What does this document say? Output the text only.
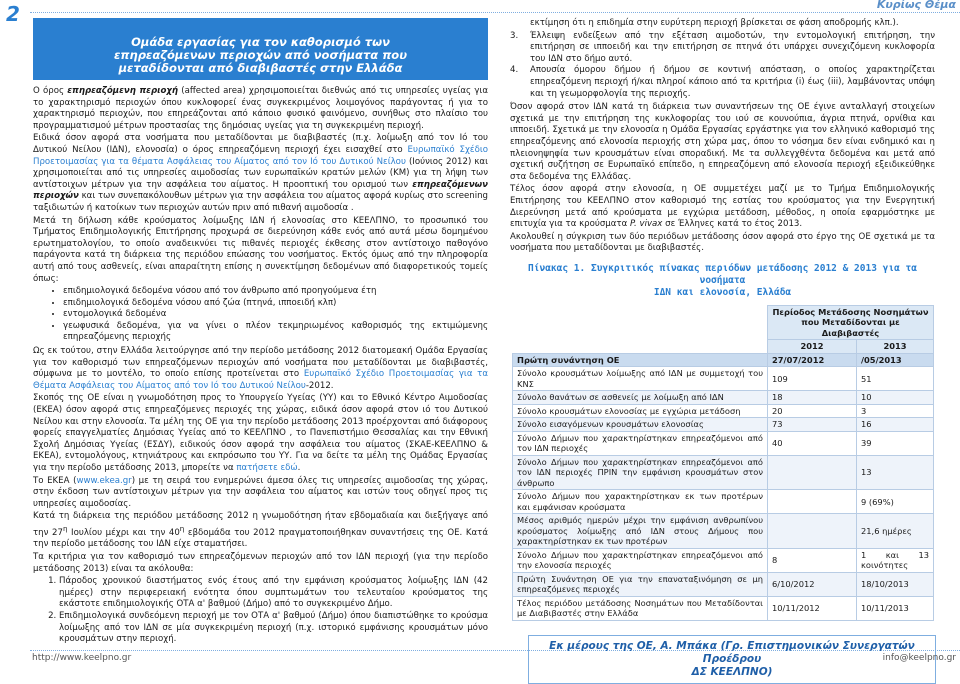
2	Κυρίως Θέμα
Ομάδα εργασίας για τον καθορισμό των
επηρεαζόμενων περιοχών από νοσήματα που
μεταδίδονται από διαβιβαστές στην Ελλάδα

Ο όρος επηρεαζόμενη περιοχή (affected area) χρησιμοποιείται διεθνώς από τις υπηρεσίες υγείας για το χαρακτηρισμό περιοχών όπου κυκλοφορεί ένας συγκεκριμένος λοιμογόνος παράγοντας ή για το χαρακτηρισμό περιοχών, που επηρεάζονται από κάποιο φυσικό φαινόμενο, συνήθως στο πλαίσιο του προγραμματισμού μέτρων προστασίας της δημόσιας υγείας για τη συγκεκριμένη περιοχή.

Ειδικά όσον αφορά στα νοσήματα που μεταδίδονται με διαβιβαστές (π.χ. λοίμωξη από τον Ιό του Δυτικού Νείλου (ΙΔΝ), ελονοσία) ο όρος επηρεαζόμενη περιοχή έχει εισαχθεί στο Ευρωπαϊκό Σχέδιο Προετοιμασίας για τα θέματα Ασφάλειας του Αίματος από τον Ιό του Δυτικού Νείλου (Ιούνιος 2012) και χρησιμοποιείται από τις υπηρεσίες αιμοδοσίας των ευρωπαϊκών κρατών μελών (ΚΜ) για τη λήψη των αντίστοιχων μέτρων για την ασφάλεια του αίματος. Η προοπτική του ορισμού των επηρεαζόμενων περιοχών και των συνεπακόλουθων μέτρων για την ασφάλεια του αίματος αφορά κυρίως στο screening ταξιδιωτών ή κατοίκων των περιοχών αυτών πριν από πιθανή αιμοδοσία .

Μετά τη δήλωση κάθε κρούσματος λοίμωξης ΙΔΝ ή ελονοσίας στο ΚΕΕΛΠΝΟ, το προσωπικό του Τμήματος Επιδημιολογικής Επιτήρησης προχωρά σε διερεύνηση κάθε ενός από αυτά μέσω δομημένου ερωτηματολογίου, το οποίο αναδεικνύει τις πιθανές περιοχές έκθεσης στον αντίστοιχο παθογόνο παράγοντα κατά τη διάρκεια της περιόδου επώασης του νοσήματος. Εκτός όμως από την πληροφορία αυτή από τους ασθενείς, είναι απαραίτητη επίσης η συνεκτίμηση δεδομένων από διαφορετικούς τομείς όπως:

• επιδημιολογικά δεδομένα νόσου από τον άνθρωπο από προηγούμενα έτη
• επιδημιολογικά δεδομένα νόσου από ζώα (πτηνά, ιπποειδή κλπ)
• εντομολογικά δεδομένα
• γεωφυσικά δεδομένα, για να γίνει ο πλέον τεκμηριωμένος καθορισμός της εκτιμώμενης επηρεαζόμενης περιοχής

Ως εκ τούτου, στην Ελλάδα λειτούργησε από την περίοδο μετάδοσης 2012 διατομεακή Ομάδα Εργασίας για τον καθορισμό των επηρεαζόμενων περιοχών από νοσήματα που μεταδίδονται με διαβιβαστές, σύμφωνα με το μοντέλο, το οποίο επίσης προτείνεται στο Ευρωπαϊκό Σχέδιο Προετοιμασίας για τα Θέματα Ασφάλειας του Αίματος από τον Ιό του Δυτικού Νείλου-2012.

Σκοπός της ΟΕ είναι η γνωμοδότηση προς το Υπουργείο Υγείας (ΥΥ) και το Εθνικό Κέντρο Αιμοδοσίας (ΕΚΕΑ) όσον αφορά στις επηρεαζόμενες περιοχές της χώρας, ειδικά όσον αφορά στον ιό του Δυτικού Νείλου και στην ελονοσία. Τα μέλη της ΟΕ για την περίοδο μετάδοσης 2013 προέρχονται από διάφορους φορείς επαγγελματίες Δημόσιας Υγείας από το ΚΕΕΛΠΝΟ , το Πανεπιστήμιο Θεσσαλίας και την Εθνική Σχολή Δημόσιας Υγείας (ΕΣΔΥ), ειδικούς όσον αφορά την ασφάλεια του αίματος (ΣΚΑΕ-ΚΕΕΛΠΝΟ & ΕΚΕΑ), εντομολόγους, κτηνιάτρους και εκπρόσωπο του ΥΥ. Για να δείτε τα μέλη της Ομάδας Εργασίας για την περίοδο μετάδοσης 2013, μπορείτε να πατήσετε εδώ.

Το ΕΚΕΑ (www.ekea.gr) με τη σειρά του ενημερώνει άμεσα όλες τις υπηρεσίες αιμοδοσίας της χώρας, στην έκδοση των αντίστοιχων μέτρων για την ασφάλεια του αίματος και ιστών τους οδηγεί προς τις υπηρεσίες αιμοδοσίας.

Κατά τη διάρκεια της περιόδου μετάδοσης 2012 η γνωμοδότηση ήταν εβδομαδιαία και διεξήγαγε από την $27^\eta$ Ιουλίου μέχρι και την $40^\eta$ εβδομάδα του 2012 πραγματοποιήθηκαν συναντήσεις της ΟΕ. Κατά την περίοδο μετάδοσης του ΙΔΝ είχε σταματήσει.

Τα κριτήρια για τον καθορισμό των επηρεαζόμενων περιοχών από τον ΙΔΝ περιοχή (για την περίοδο μετάδοσης 2013) είναι τα ακόλουθα:

1. Πάροδος χρονικού διαστήματος ενός έτους από την εμφάνιση κρούσματος λοίμωξης ΙΔΝ (42 ημέρες) στην περιφερειακή ενότητα όπου συμπτωμάτων του τελευταίου κρούσματος της εκάστοτε επιδημιολογικής ΟΤΑ α' βαθμού (Δήμο) από το συγκεκριμένο Δήμο.
2. Επιδημιολογικά συνδεόμενη περιοχή με τον ΟΤΑ α' βαθμού (Δήμο) όπου διαπιστώθηκε το κρούσμα λοίμωξης από τον ΙΔΝ σε μία συγκεκριμένη περιοχή (π.χ. ιστορικό εμφάνισης κρουσμάτων μόνο κρουσμάτων στην περιοχή.

εκτίμηση ότι η επιδημία στην ευρύτερη περιοχή βρίσκεται σε φάση αποδρομής κλπ.).

3.	Έλλειψη ενδείξεων από την εξέταση αιμοδοτών, την εντομολογική επιτήρηση, την επιτήρηση σε ιπποειδή και την επιτήρηση σε πτηνά ότι υπάρχει συνεχιζόμενη κυκλοφορία του ΙΔΝ στο δήμο αυτό.
4.	Απουσία όμορου δήμου ή δήμου σε κοντινή απόσταση, ο οποίος χαρακτηρίζεται επηρεαζόμενη περιοχή ή/και πληροί κάποιο από τα κριτήρια (i) έως (iii), λαμβάνοντας υπόψη και τη γεωμορφολογία της περιοχής.

Όσον αφορά στον ΙΔΝ κατά τη διάρκεια των συναντήσεων της ΟΕ έγινε ανταλλαγή στοιχείων σχετικά με την επιτήρηση της κυκλοφορίας του ιού σε κουνούπια, άγρια πτηνά, ορνίθια και ιπποειδή. Σχετικά με την ελονοσία η Ομάδα Εργασίας εργάστηκε για τον ελληνικό καθορισμό της επηρεαζόμενης από ελονοσία περιοχής στη χώρα μας, όπου το νόσημα δεν είναι ενδημικό και η πλειονηψηφία των κρουσμάτων είναι σποραδική. Με τα συλλεγχθέντα δεδομένα και μετά από σχετική συζήτηση σε Ευρωπαϊκό επίπεδο, η επηρεαζόμενη από ελονοσία περιοχή εξειδικεύθηκε στα δεδομένα της Ελλάδας.

Τέλος όσον αφορά στην ελονοσία, η ΟΕ συμμετέχει μαζί με το Τμήμα Επιδημιολογικής Επιτήρησης του ΚΕΕΛΠΝΟ στον καθορισμό της εστίας του κρούσματος για την Ενεργητική Διερεύνηση μετά από κρούσματα με εγχώρια μετάδοση, μέθοδος, η οποία εφαρμόστηκε με επιτυχία για τα κρούσματα P. vivax σε Έλληνες κατά το έτος 2013.

Ακολουθεί η σύγκριση των δύο περιόδων μετάδοσης όσον αφορά στο έργο της ΟΕ σχετικά με τα νοσήματα που μεταδίδονται με διαβιβαστές.

Πίνακας 1. Συγκριτικός πίνακας περιόδων μετάδοσης 2012 & 2013 για τα νοσήματα
ΙΔΝ και ελονοσία, Ελλάδα
	Περίοδος Μετάδοσης Νοσημάτων που Μεταδίδονται με Διαβιβαστές	
	2012	2013
Πρώτη συνάντηση ΟΕ	27/07/2012	/05/2013
Σύνολο κρουσμάτων λοίμωξης από ΙΔΝ με συμμετοχή του ΚΝΣ	109	51
Σύνολο θανάτων σε ασθενείς με λοίμωξη από ΙΔΝ	18	10
Σύνολο κρουσμάτων ελονοσίας με εγχώρια μετάδοση	20	3
Σύνολο εισαγόμενων κρουσμάτων ελονοσίας	73	16
Σύνολο Δήμων που χαρακτηρίστηκαν επηρεαζόμενοι από τον ΙΔΝ περιοχές	40	39
Σύνολο Δήμων που χαρακτηρίστηκαν επηρεαζόμενοι από τον ΙΔΝ περιοχές ΠΡΙΝ την εμφάνιση κρουσμάτων στον άνθρωπο		13
Σύνολο Δήμων που χαρακτηρίστηκαν εκ των προτέρων και εμφάνισαν κρούσματα		9 (69%)
Μέσος αριθμός ημερών μέχρι την εμφάνιση ανθρωπίνου κρούσματος λοίμωξης από ΙΔΝ στους Δήμους που χαρακτηρίστηκαν εκ των προτέρων		21,6 ημέρες
Σύνολο Δήμων που χαρακτηρίστηκαν επηρεαζόμενοι από την ελονοσία περιοχές	8	1 και 13 κοινότητες
Πρώτη Συνάντηση ΟΕ για την επαναταξινόμηση σε μη επηρεαζόμενες περιοχές	6/10/2012	18/10/2013
Τέλος περιόδου μετάδοσης Νοσημάτων που Μεταδίδονται με Διαβιβαστές στην Ελλάδα	10/11/2012	10/11/2013
Εκ μέρους της ΟΕ, Α. Μπάκα (Γρ. Επιστημονικών Συνεργατών Προέδρου
ΔΣ ΚΕΕΛΠΝΟ)
http://www.keelpno.gr	info@keelpno.gr
